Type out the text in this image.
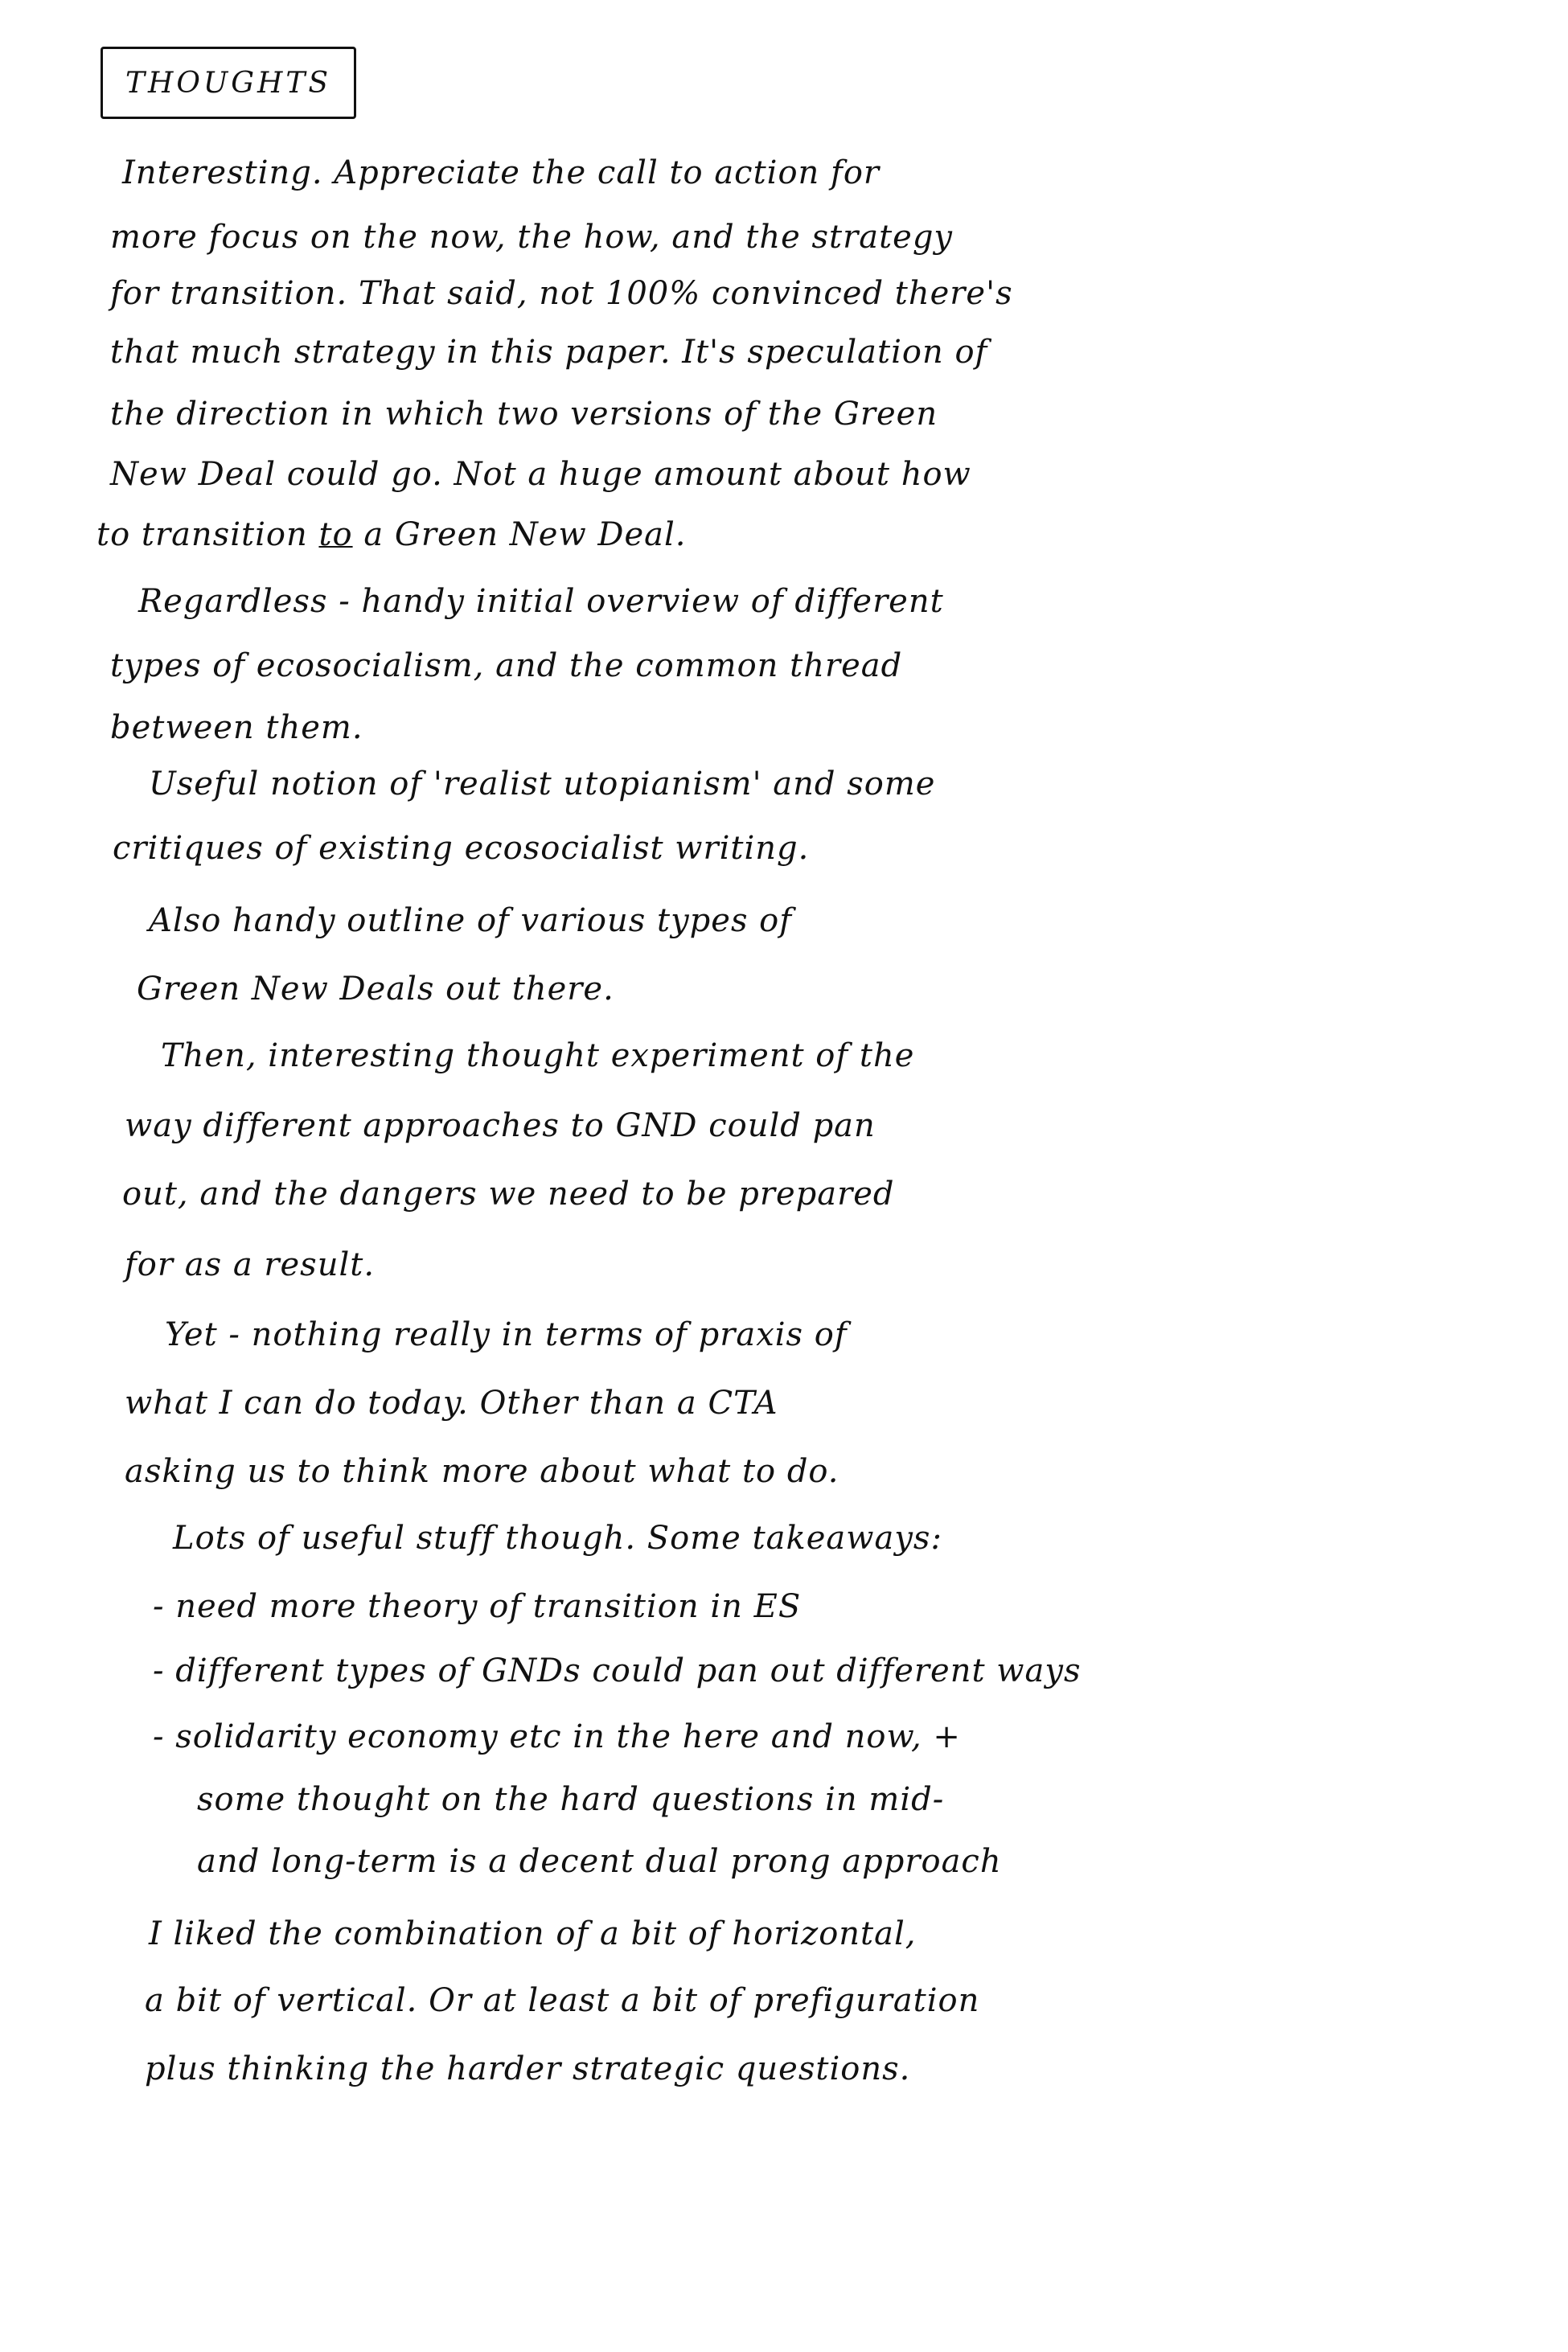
THOUGHTS
Interesting. Appreciate the call to action for
more focus on the now, the how, and the strategy
for transition. That said, not 100% convinced there's
that much strategy in this paper. It's speculation of
the direction in which two versions of the Green
New Deal could go. Not a huge amount about how
to transition to a Green New Deal.
Regardless - handy initial overview of different
types of ecosocialism, and the common thread
between them.
Useful notion of 'realist utopianism' and some
critiques of existing ecosocialist writing.
Also handy outline of various types of
Green New Deals out there.
Then, interesting thought experiment of the
way different approaches to GND could pan
out, and the dangers we need to be prepared
for as a result.
Yet - nothing really in terms of praxis of
what I can do today. Other than a CTA
asking us to think more about what to do.
Lots of useful stuff though. Some takeaways:
- need more theory of transition in ES
- different types of GNDs could pan out different ways
- solidarity economy etc in the here and now, +
some thought on the hard questions in mid-
and long-term is a decent dual prong approach
I liked the combination of a bit of horizontal,
a bit of vertical. Or at least a bit of prefiguration
plus thinking the harder strategic questions.
